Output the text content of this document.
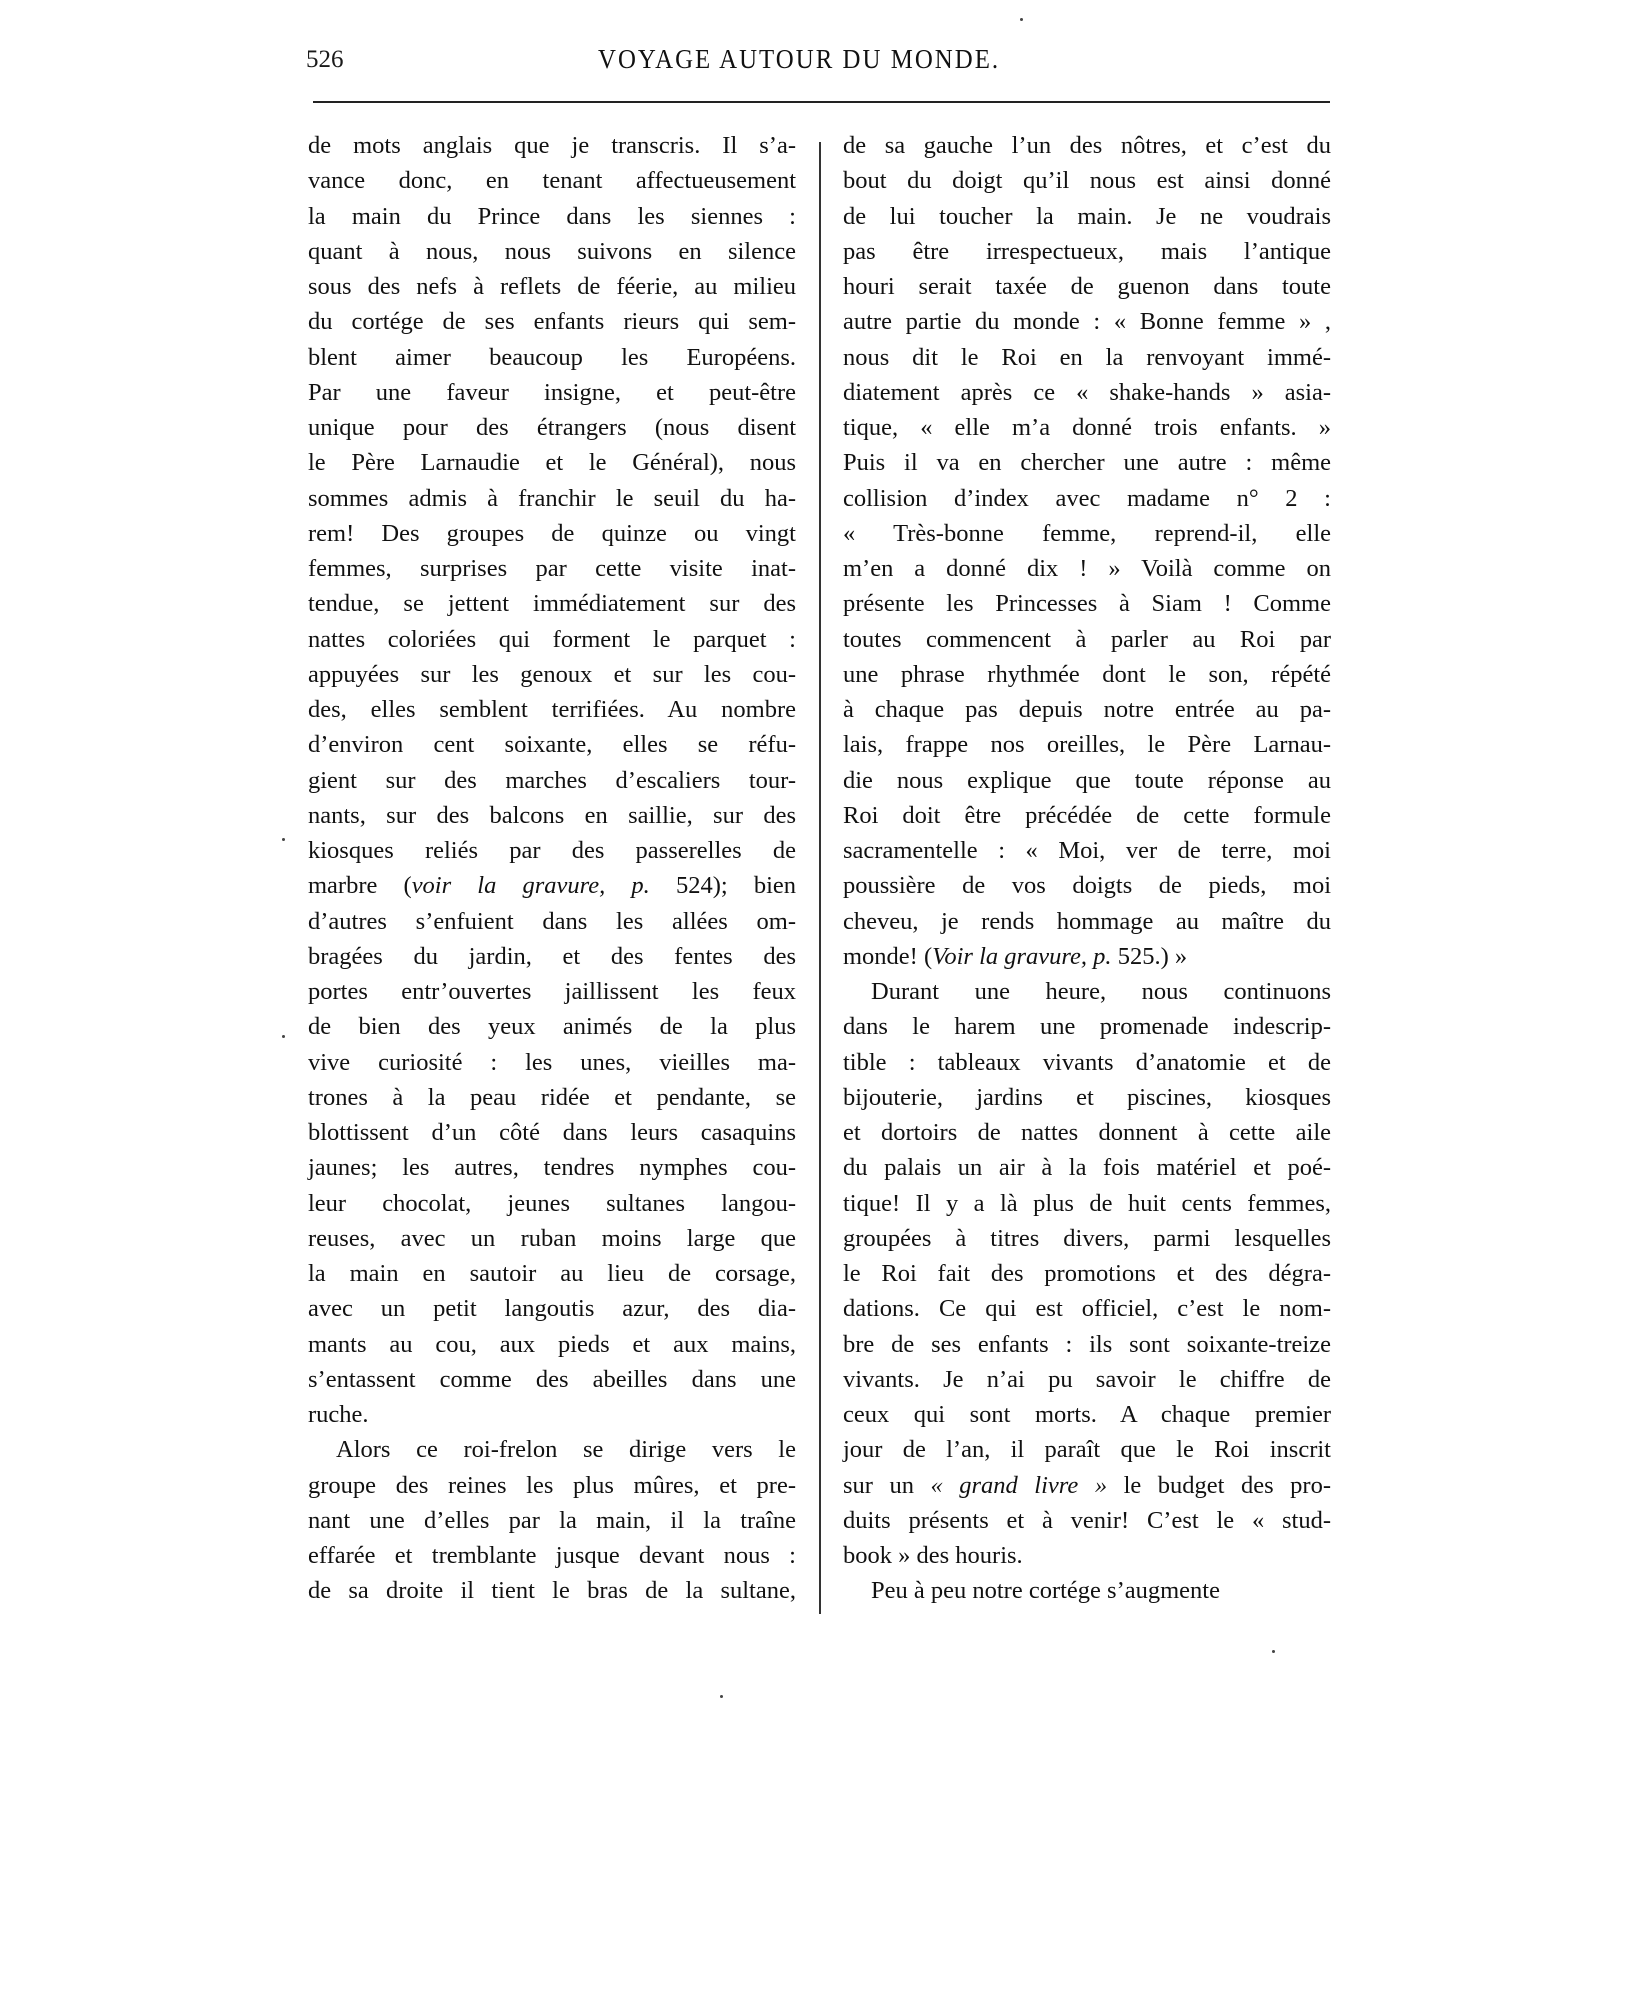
526	VOYAGE AUTOUR DU MONDE.
de mots anglais que je transcris. Il s’a-
vance donc, en tenant affectueusement
la main du Prince dans les siennes :
quant à nous, nous suivons en silence
sous des nefs à reflets de féerie, au milieu
du cortége de ses enfants rieurs qui sem-
blent aimer beaucoup les Européens.
Par une faveur insigne, et peut-être
unique pour des étrangers (nous disent
le Père Larnaudie et le Général), nous
sommes admis à franchir le seuil du ha-
rem! Des groupes de quinze ou vingt
femmes, surprises par cette visite inat-
tendue, se jettent immédiatement sur des
nattes coloriées qui forment le parquet :
appuyées sur les genoux et sur les cou-
des, elles semblent terrifiées. Au nombre
d’environ cent soixante, elles se réfu-
gient sur des marches d’escaliers tour-
nants, sur des balcons en saillie, sur des
kiosques reliés par des passerelles de
marbre (voir la gravure, p. 524); bien
d’autres s’enfuient dans les allées om-
bragées du jardin, et des fentes des
portes entr’ouvertes jaillissent les feux
de bien des yeux animés de la plus
vive curiosité : les unes, vieilles ma-
trones à la peau ridée et pendante, se
blottissent d’un côté dans leurs casaquins
jaunes; les autres, tendres nymphes cou-
leur chocolat, jeunes sultanes langou-
reuses, avec un ruban moins large que
la main en sautoir au lieu de corsage,
avec un petit langoutis azur, des dia-
mants au cou, aux pieds et aux mains,
s’entassent comme des abeilles dans une
ruche.
Alors ce roi-frelon se dirige vers le
groupe des reines les plus mûres, et pre-
nant une d’elles par la main, il la traîne
effarée et tremblante jusque devant nous :
de sa droite il tient le bras de la sultane,
de sa gauche l’un des nôtres, et c’est du
bout du doigt qu’il nous est ainsi donné
de lui toucher la main. Je ne voudrais
pas être irrespectueux, mais l’antique
houri serait taxée de guenon dans toute
autre partie du monde : « Bonne femme » ,
nous dit le Roi en la renvoyant immé-
diatement après ce « shake-hands » asia-
tique, « elle m’a donné trois enfants. »
Puis il va en chercher une autre : même
collision d’index avec madame n° 2 :
« Très-bonne femme, reprend-il, elle
m’en a donné dix ! » Voilà comme on
présente les Princesses à Siam ! Comme
toutes commencent à parler au Roi par
une phrase rhythmée dont le son, répété
à chaque pas depuis notre entrée au pa-
lais, frappe nos oreilles, le Père Larnau-
die nous explique que toute réponse au
Roi doit être précédée de cette formule
sacramentelle : « Moi, ver de terre, moi
poussière de vos doigts de pieds, moi
cheveu, je rends hommage au maître du
monde! (Voir la gravure, p. 525.) »
Durant une heure, nous continuons
dans le harem une promenade indescrip-
tible : tableaux vivants d’anatomie et de
bijouterie, jardins et piscines, kiosques
et dortoirs de nattes donnent à cette aile
du palais un air à la fois matériel et poé-
tique! Il y a là plus de huit cents femmes,
groupées à titres divers, parmi lesquelles
le Roi fait des promotions et des dégra-
dations. Ce qui est officiel, c’est le nom-
bre de ses enfants : ils sont soixante-treize
vivants. Je n’ai pu savoir le chiffre de
ceux qui sont morts. A chaque premier
jour de l’an, il paraît que le Roi inscrit
sur un « grand livre » le budget des pro-
duits présents et à venir! C’est le « stud-
book » des houris.
Peu à peu notre cortége s’augmente
